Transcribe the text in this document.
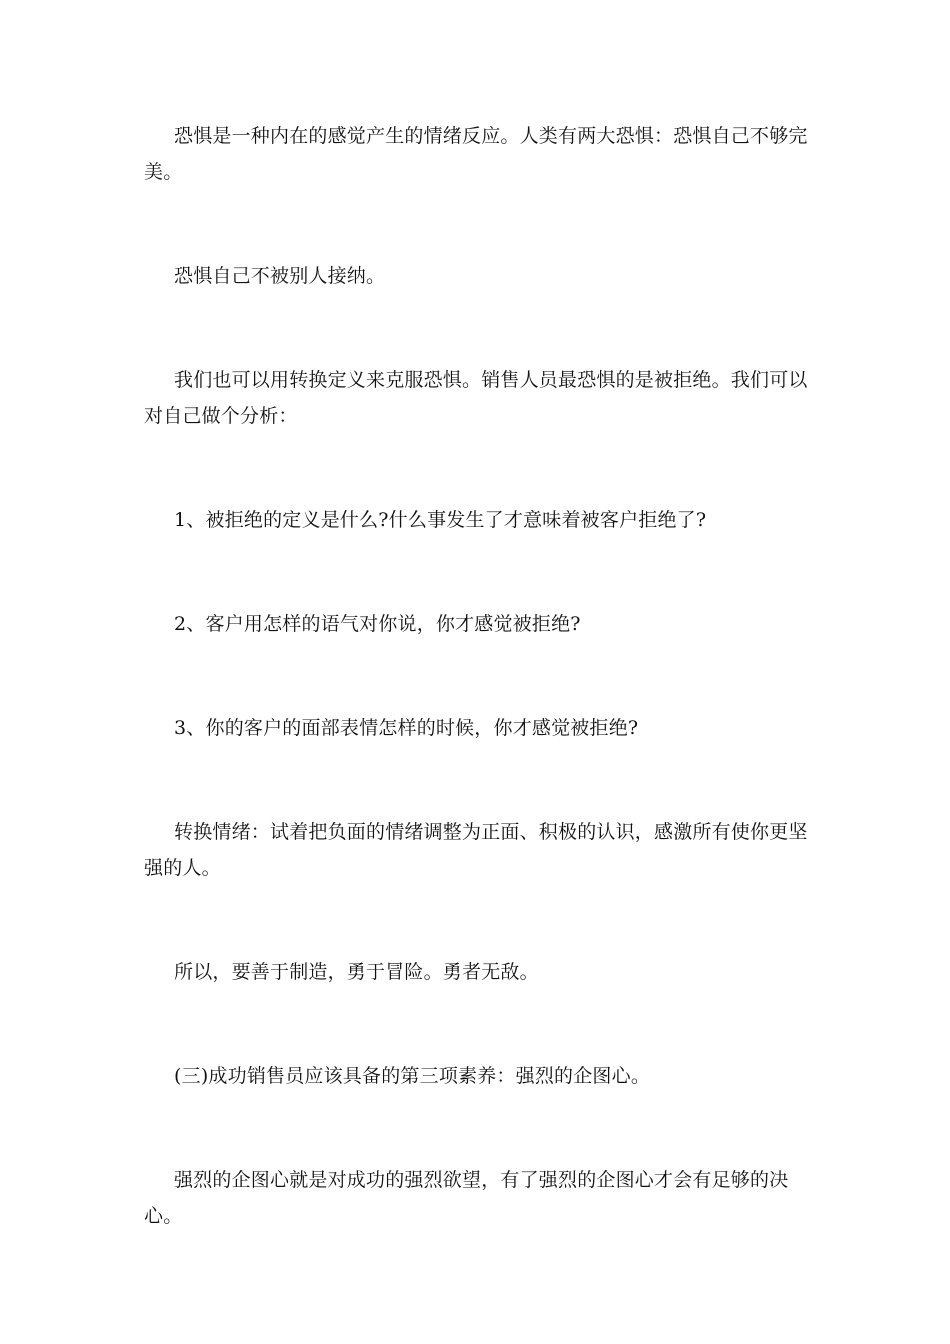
恐惧是一种内在的感觉产生的情绪反应。人类有两大恐惧：恐惧自己不够完美。

恐惧自己不被别人接纳。

我们也可以用转换定义来克服恐惧。销售人员最恐惧的是被拒绝。我们可以对自己做个分析：

1、被拒绝的定义是什么?什么事发生了才意味着被客户拒绝了?

2、客户用怎样的语气对你说，你才感觉被拒绝?

3、你的客户的面部表情怎样的时候，你才感觉被拒绝?

转换情绪：试着把负面的情绪调整为正面、积极的认识，感激所有使你更坚强的人。

所以，要善于制造，勇于冒险。勇者无敌。

(三)成功销售员应该具备的第三项素养：强烈的企图心。

强烈的企图心就是对成功的强烈欲望，有了强烈的企图心才会有足够的决心。
